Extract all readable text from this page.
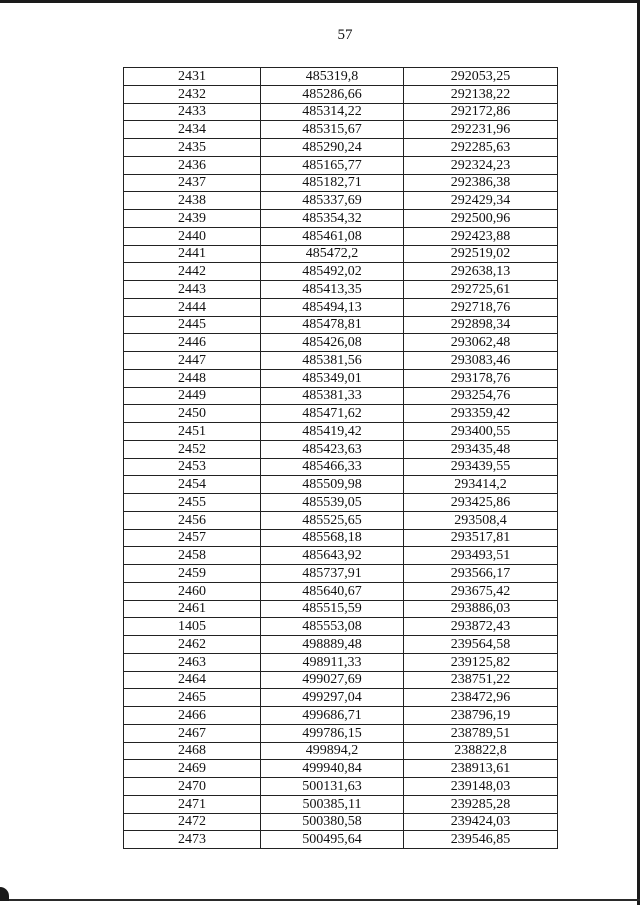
57
2431	485319,8	292053,25
2432	485286,66	292138,22
2433	485314,22	292172,86
2434	485315,67	292231,96
2435	485290,24	292285,63
2436	485165,77	292324,23
2437	485182,71	292386,38
2438	485337,69	292429,34
2439	485354,32	292500,96
2440	485461,08	292423,88
2441	485472,2	292519,02
2442	485492,02	292638,13
2443	485413,35	292725,61
2444	485494,13	292718,76
2445	485478,81	292898,34
2446	485426,08	293062,48
2447	485381,56	293083,46
2448	485349,01	293178,76
2449	485381,33	293254,76
2450	485471,62	293359,42
2451	485419,42	293400,55
2452	485423,63	293435,48
2453	485466,33	293439,55
2454	485509,98	293414,2
2455	485539,05	293425,86
2456	485525,65	293508,4
2457	485568,18	293517,81
2458	485643,92	293493,51
2459	485737,91	293566,17
2460	485640,67	293675,42
2461	485515,59	293886,03
1405	485553,08	293872,43
2462	498889,48	239564,58
2463	498911,33	239125,82
2464	499027,69	238751,22
2465	499297,04	238472,96
2466	499686,71	238796,19
2467	499786,15	238789,51
2468	499894,2	238822,8
2469	499940,84	238913,61
2470	500131,63	239148,03
2471	500385,11	239285,28
2472	500380,58	239424,03
2473	500495,64	239546,85
